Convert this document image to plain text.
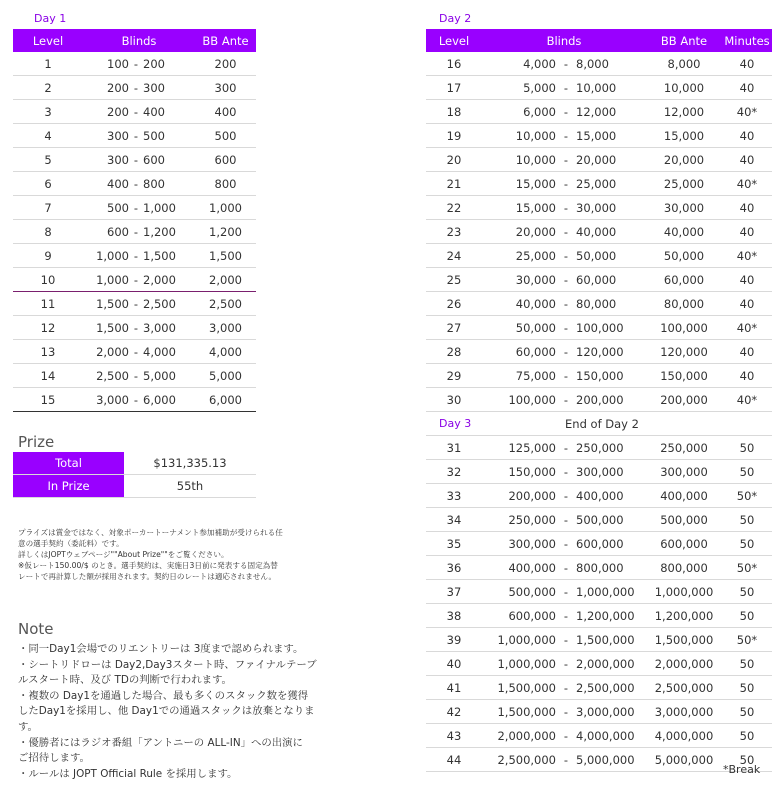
Day 1	Day 2
Level	Blinds			BB Ante
1	100	-	200	200
2	200	-	300	300
3	200	-	400	400
4	300	-	500	500
5	300	-	600	600
6	400	-	800	800
7	500	-	1,000	1,000
8	600	-	1,200	1,200
9	1,000	-	1,500	1,500
10	1,000	-	2,000	2,000
11	1,500	-	2,500	2,500
12	1,500	-	3,000	3,000
13	2,000	-	4,000	4,000
14	2,500	-	5,000	5,000
15	3,000	-	6,000	6,000
Level	Blinds			BB Ante	Minutes
16	4,000	-	8,000	8,000	40
17	5,000	-	10,000	10,000	40
18	6,000	-	12,000	12,000	40*
19	10,000	-	15,000	15,000	40
20	10,000	-	20,000	20,000	40
21	15,000	-	25,000	25,000	40*
22	15,000	-	30,000	30,000	40
23	20,000	-	40,000	40,000	40
24	25,000	-	50,000	50,000	40*
25	30,000	-	60,000	60,000	40
26	40,000	-	80,000	80,000	40
27	50,000	-	100,000	100,000	40*
28	60,000	-	120,000	120,000	40
29	75,000	-	150,000	150,000	40
30	100,000	-	200,000	200,000	40*
Day 3	End of Day 2				
31	125,000	-	250,000	250,000	50
32	150,000	-	300,000	300,000	50
33	200,000	-	400,000	400,000	50*
34	250,000	-	500,000	500,000	50
35	300,000	-	600,000	600,000	50
36	400,000	-	800,000	800,000	50*
37	500,000	-	1,000,000	1,000,000	50
38	600,000	-	1,200,000	1,200,000	50
39	1,000,000	-	1,500,000	1,500,000	50*
40	1,000,000	-	2,000,000	2,000,000	50
41	1,500,000	-	2,500,000	2,500,000	50
42	1,500,000	-	3,000,000	3,000,000	50
43	2,000,000	-	4,000,000	4,000,000	50
44	2,500,000	-	5,000,000	5,000,000	50
Prize
Total	$131,335.13
In Prize	55th
プライズは賞金ではなく、対象ポーカートーナメント参加補助が受けられる任
意の選手契約（委託料）です。
詳しくはJOPTウェブページ""About Prize""をご覧ください。
※仮レート150.00/$ のとき。選手契約は、実施日3日前に発表する固定為替
レートで再計算した額が採用されます。契約日のレートは適応されません。
Note
・同一Day1会場でのリエントリーは 3度まで認められます。
・シートリドローは Day2,Day3スタート時、ファイナルテーブ
ルスタート時、及び TDの判断で行われます。
・複数の Day1を通過した場合、最も多くのスタック数を獲得
したDay1を採用し、他 Day1での通過スタックは放棄となりま
す。
・優勝者にはラジオ番組「アントニーの ALL-IN」への出演に
ご招待します。
・ルールは JOPT Official Rule を採用します。	*Break
